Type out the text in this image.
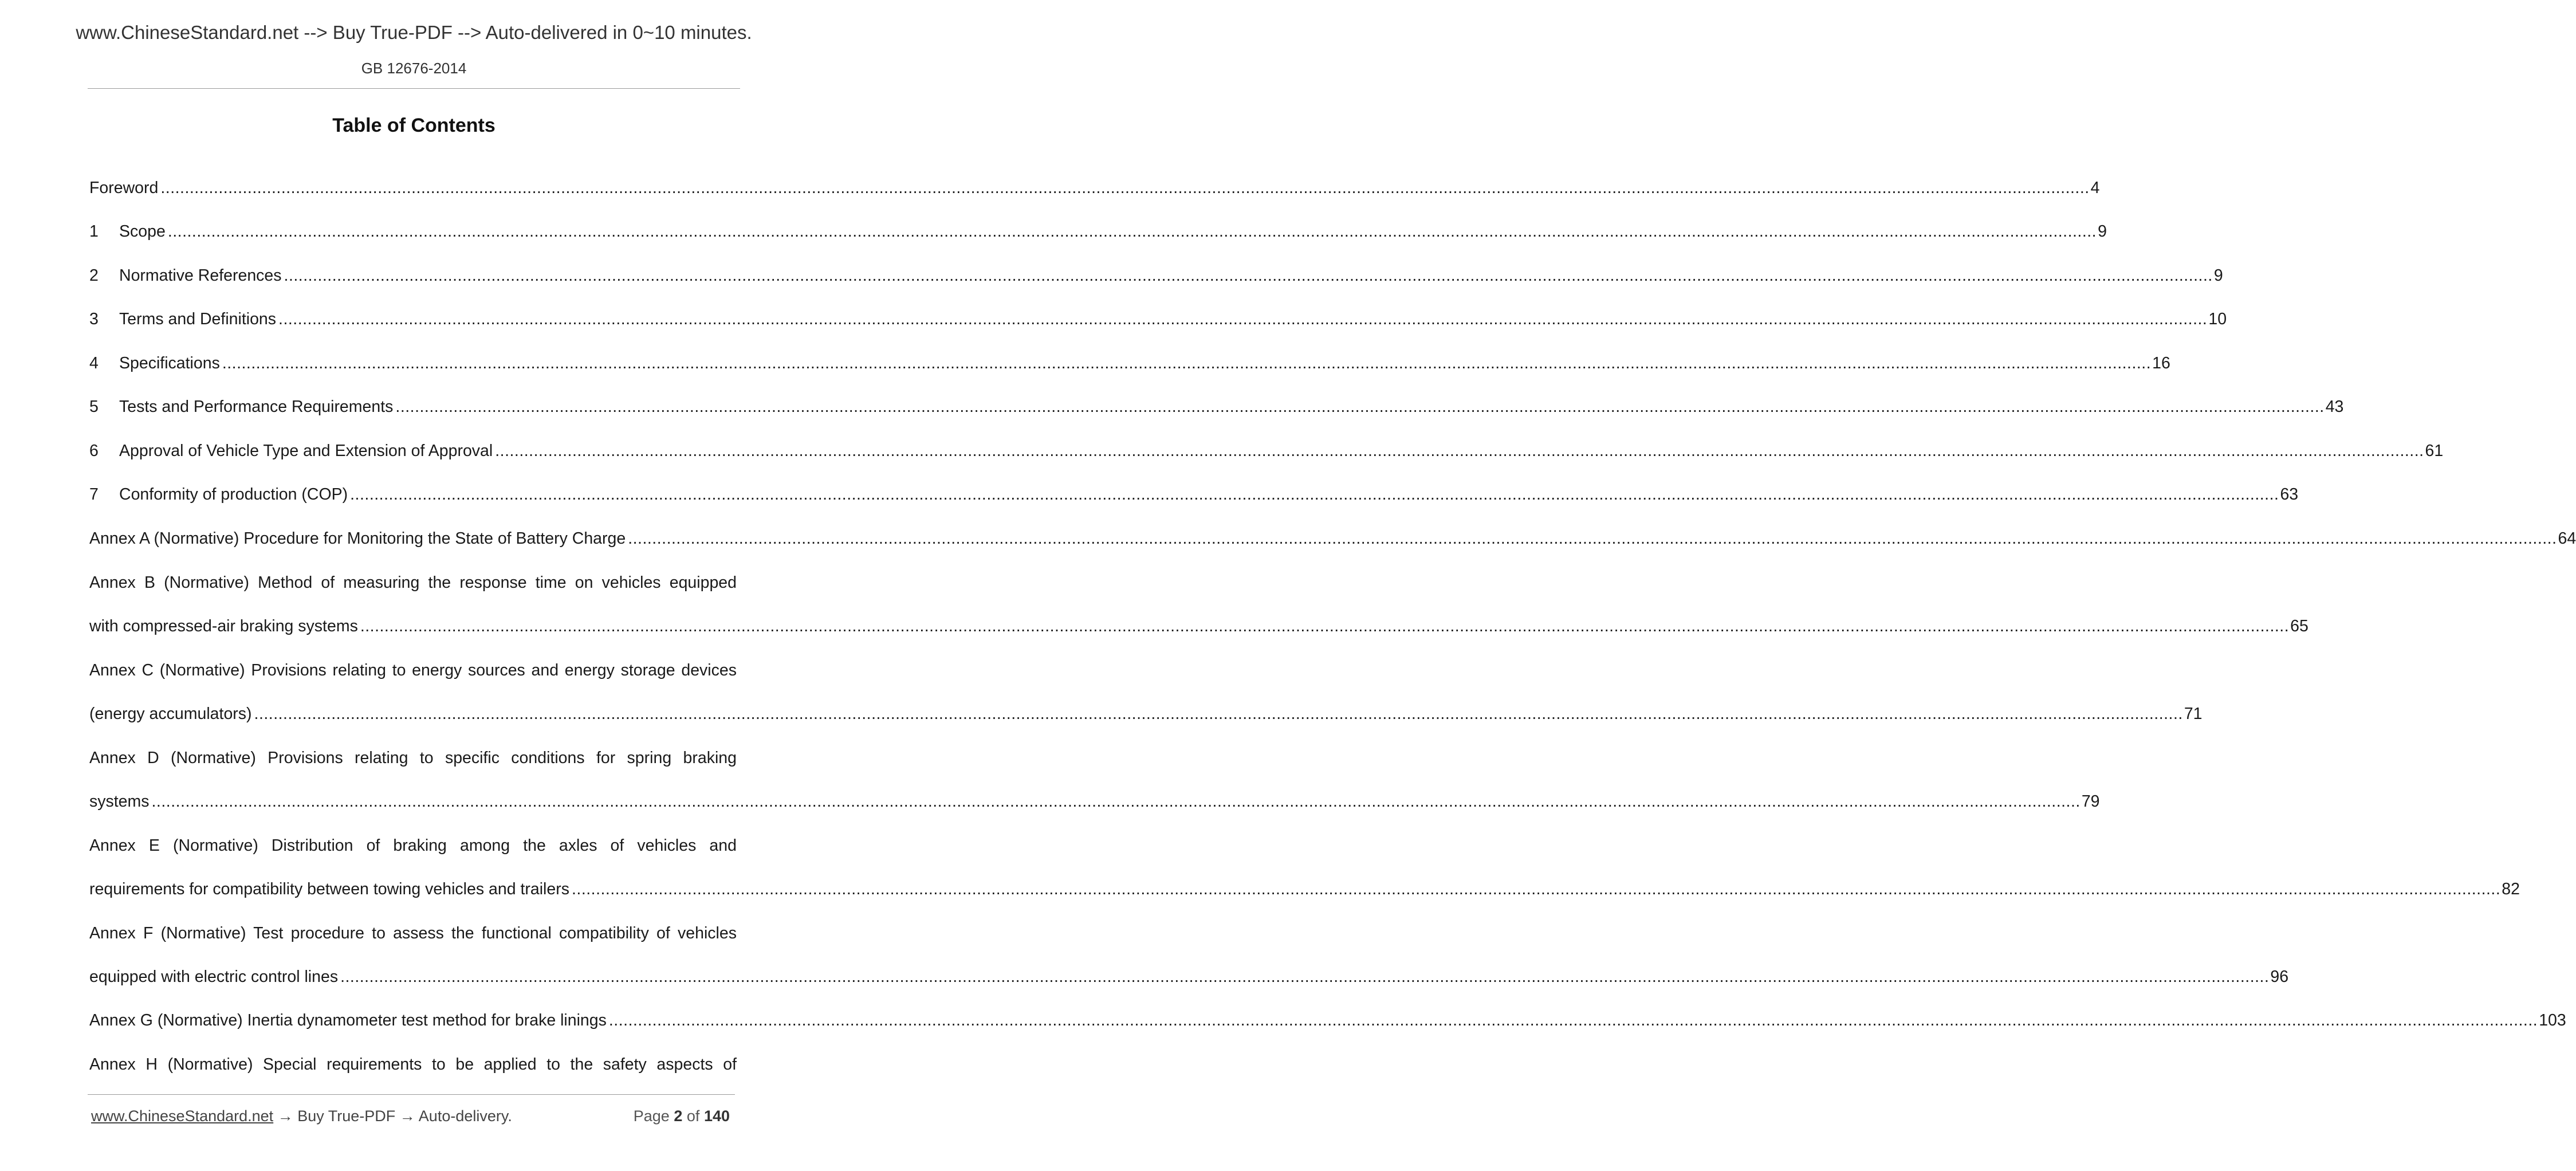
www.ChineseStandard.net --> Buy True-PDF --> Auto-delivered in 0~10 minutes.
GB 12676-2014
Table of Contents
Foreword ................................................................................................................................................................................................................................................................................................................................................................................................................ 4
1	Scope ................................................................................................................................................................................................................................................................................................................................................................................................................ 9
2	Normative References ................................................................................................................................................................................................................................................................................................................................................................................................................ 9
3	Terms and Definitions ................................................................................................................................................................................................................................................................................................................................................................................................................ 10
4	Specifications ................................................................................................................................................................................................................................................................................................................................................................................................................ 16
5	Tests and Performance Requirements ................................................................................................................................................................................................................................................................................................................................................................................................................ 43
6	Approval of Vehicle Type and Extension of Approval ................................................................................................................................................................................................................................................................................................................................................................................................................ 61
7	Conformity of production (COP) ................................................................................................................................................................................................................................................................................................................................................................................................................ 63
Annex A (Normative) Procedure for Monitoring the State of Battery Charge ................................................................................................................................................................................................................................................................................................................................................................................................................ 64
Annex B (Normative) Method of measuring the response time on vehicles equipped
with compressed-air braking systems ................................................................................................................................................................................................................................................................................................................................................................................................................ 65
Annex C (Normative) Provisions relating to energy sources and energy storage devices
(energy accumulators) ................................................................................................................................................................................................................................................................................................................................................................................................................ 71
Annex D (Normative) Provisions relating to specific conditions for spring braking
systems ................................................................................................................................................................................................................................................................................................................................................................................................................ 79
Annex E (Normative) Distribution of braking among the axles of vehicles and
requirements for compatibility between towing vehicles and trailers ................................................................................................................................................................................................................................................................................................................................................................................................................ 82
Annex F (Normative) Test procedure to assess the functional compatibility of vehicles
equipped with electric control lines ................................................................................................................................................................................................................................................................................................................................................................................................................ 96
Annex G (Normative) Inertia dynamometer test method for brake linings ................................................................................................................................................................................................................................................................................................................................................................................................................ 103
Annex H (Normative) Special requirements to be applied to the safety aspects of
www.ChineseStandard.net → Buy True-PDF → Auto-delivery.	Page 2 of 140
